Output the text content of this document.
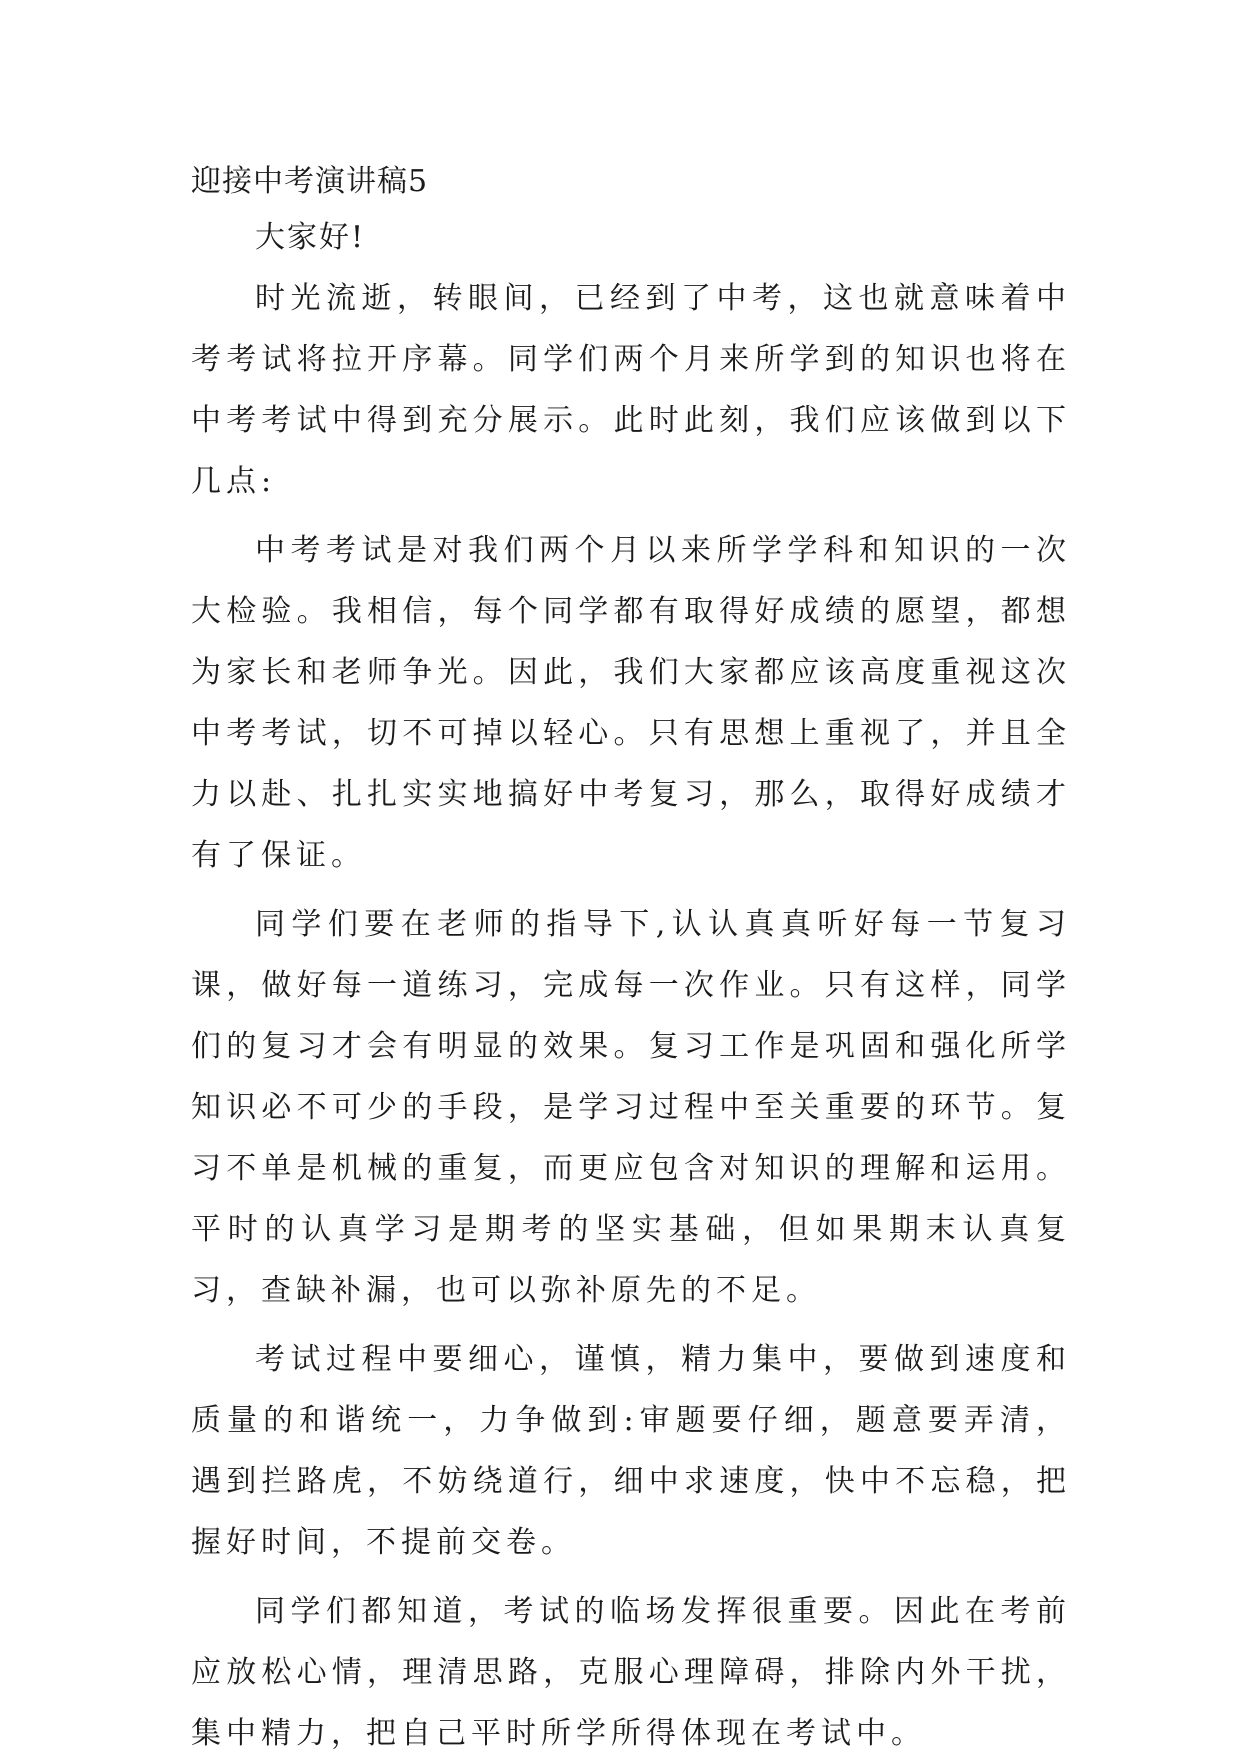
迎接中考演讲稿5

大家好!

时光流逝，转眼间，已经到了中考，这也就意味着中考考试将拉开序幕。同学们两个月来所学到的知识也将在中考考试中得到充分展示。此时此刻，我们应该做到以下几点:

中考考试是对我们两个月以来所学学科和知识的一次大检验。我相信，每个同学都有取得好成绩的愿望，都想为家长和老师争光。因此，我们大家都应该高度重视这次中考考试，切不可掉以轻心。只有思想上重视了，并且全力以赴、扎扎实实地搞好中考复习，那么，取得好成绩才有了保证。

同学们要在老师的指导下,认认真真听好每一节复习课，做好每一道练习，完成每一次作业。只有这样，同学们的复习才会有明显的效果。复习工作是巩固和强化所学知识必不可少的手段，是学习过程中至关重要的环节。复习不单是机械的重复，而更应包含对知识的理解和运用。平时的认真学习是期考的坚实基础，但如果期末认真复习，查缺补漏，也可以弥补原先的不足。

考试过程中要细心，谨慎，精力集中，要做到速度和质量的和谐统一，力争做到:审题要仔细，题意要弄清，遇到拦路虎，不妨绕道行，细中求速度，快中不忘稳，把握好时间，不提前交卷。

同学们都知道，考试的临场发挥很重要。因此在考前应放松心情，理清思路，克服心理障碍，排除内外干扰，集中精力，把自己平时所学所得体现在考试中。
